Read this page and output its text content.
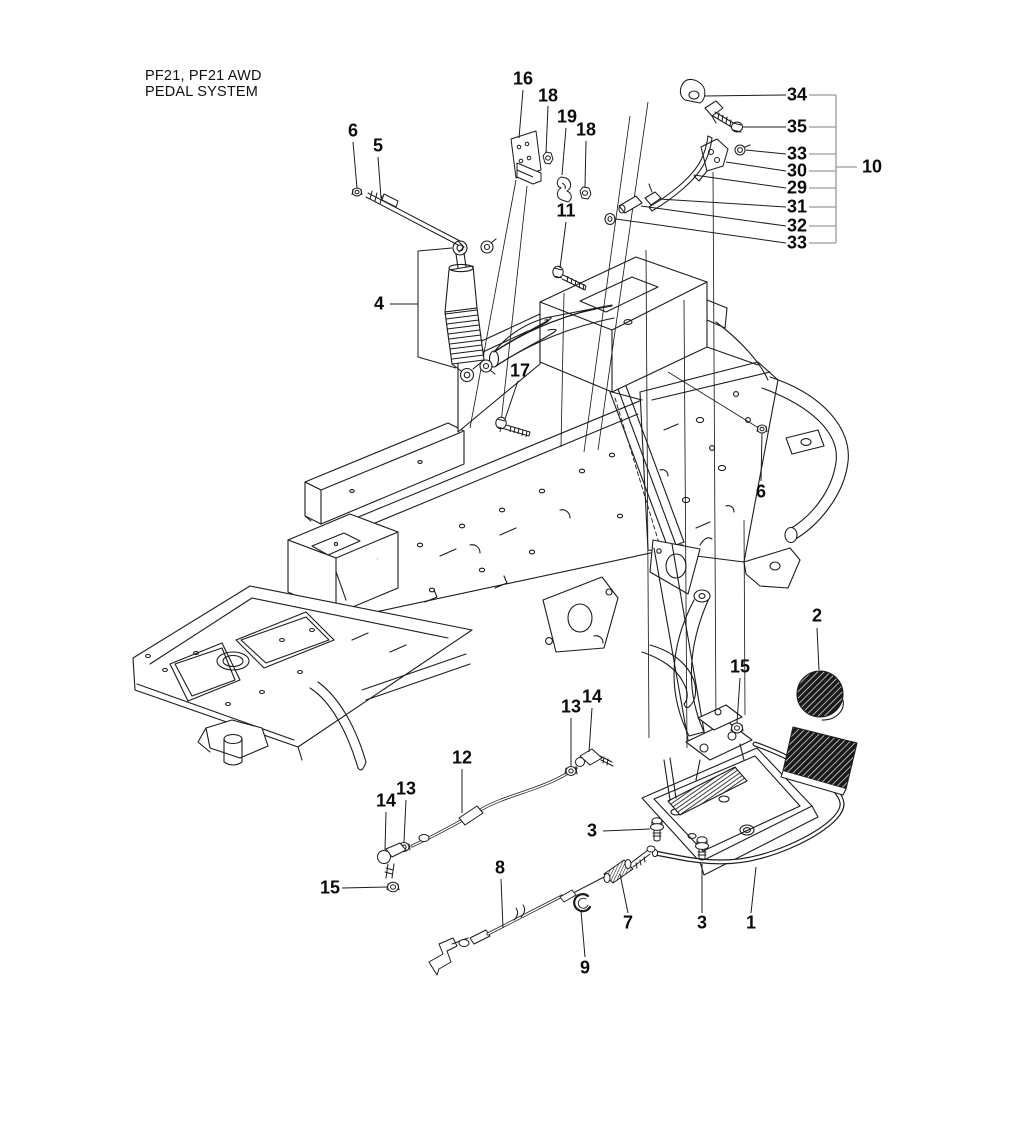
PF21, PF21 AWD
PEDAL SYSTEM
16
18
19
18
11
6
5
4
17
6
34
35
33
30
29
31
32
33
10
2
15
14
13
12
13
14
15
3
8
7
9
3 1
